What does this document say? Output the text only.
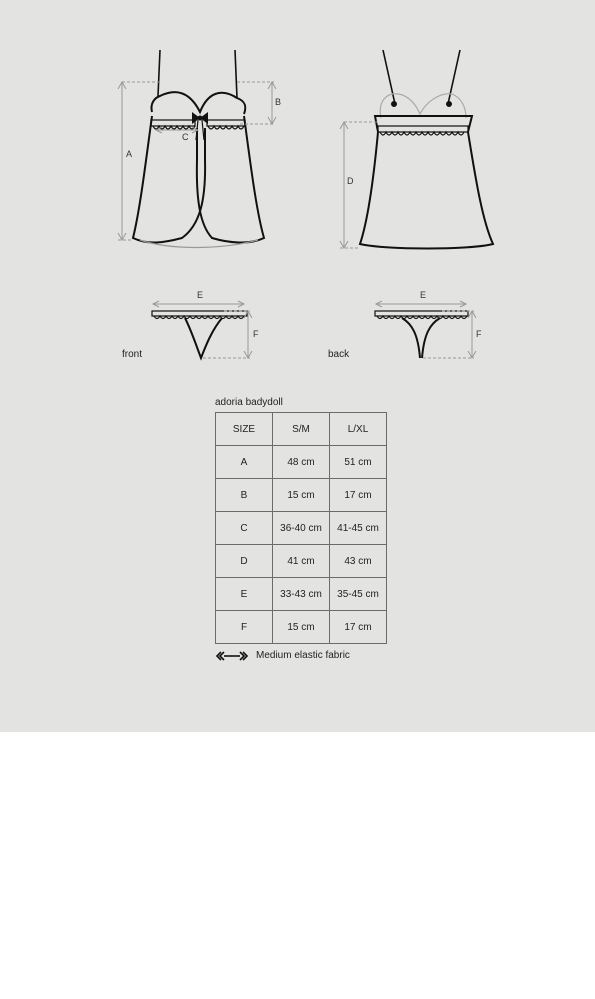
A
B
C
D
E
F
front
E
F
back
adoria badydoll
SIZE	S/M	L/XL
A	48 cm	51 cm
B	15 cm	17 cm
C	36-40 cm	41-45 cm
D	41 cm	43 cm
E	33-43 cm	35-45 cm
F	15 cm	17 cm
Medium elastic fabric
